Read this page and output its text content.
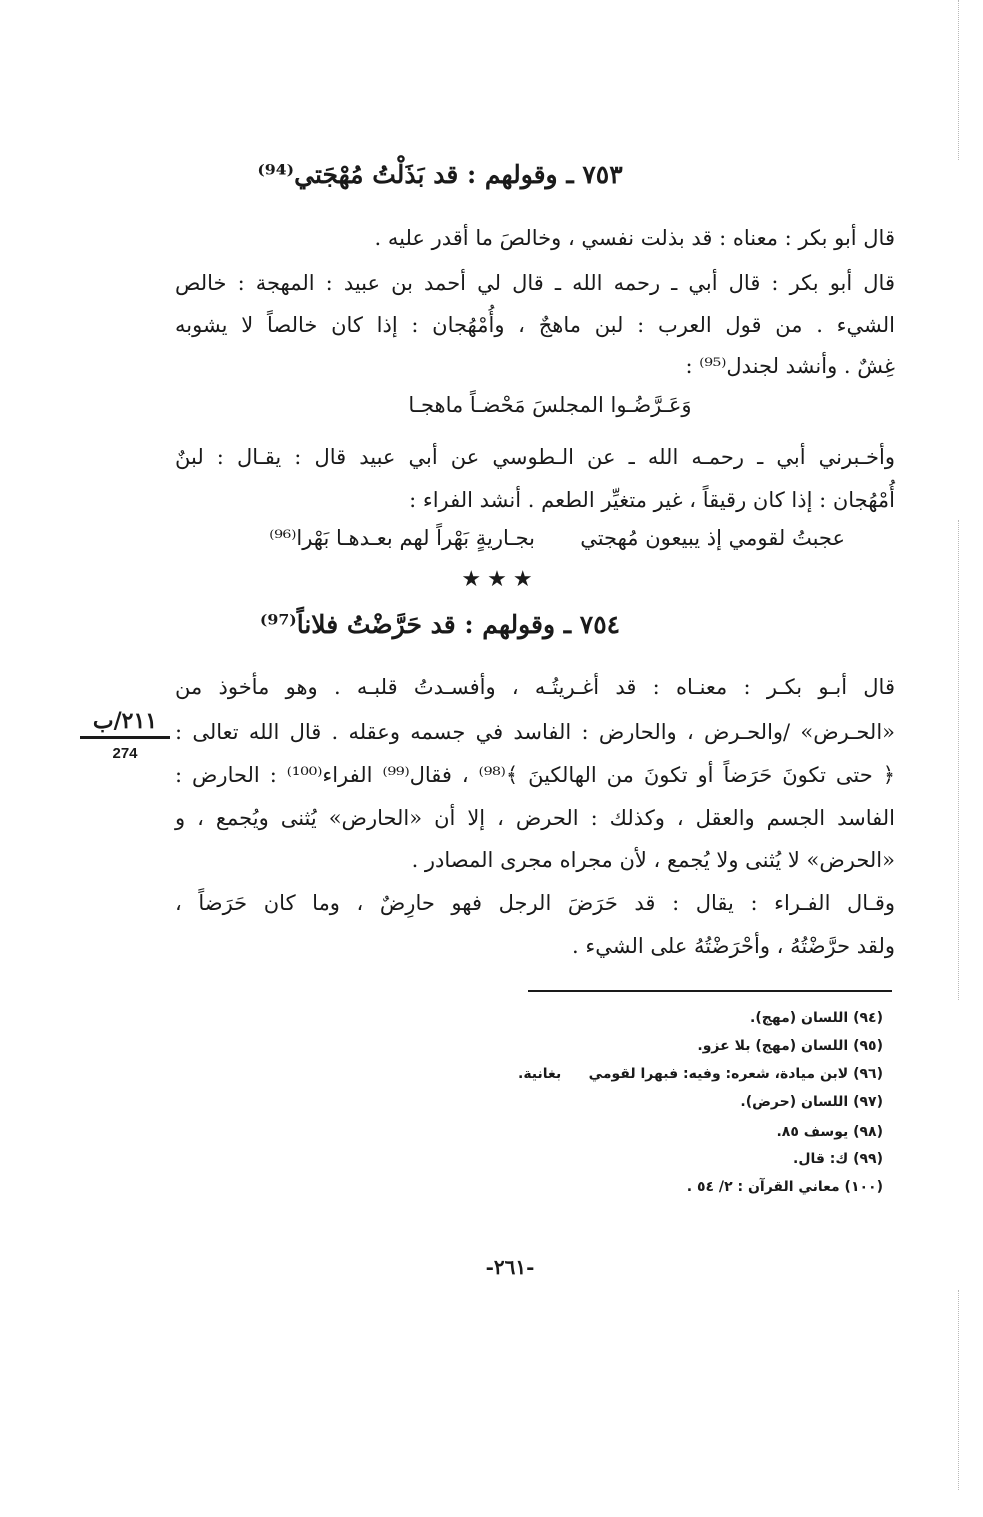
٧٥٣ ـ وقولهم : قد بَذَلْتُ مُهْجَتي⁽⁹⁴⁾
قال أبو بكر : معناه : قد بذلت نفسي ، وخالصَ ما أقدر عليه .
قال أبو بكر : قال أبي ـ رحمه الله ـ قال لي أحمد بن عبيد : المهجة : خالص
الشيء . من قول العرب : لبن ماهجٌ ، وأُمْهُجان : إذا كان خالصاً لا يشوبه
غِشٌ . وأنشد لجندل⁽⁹⁵⁾ :
وَعَـرَّضُـوا المجلسَ مَحْضـاً ماهجـا
وأخـبرني أبي ـ رحمـه الله ـ عن الـطوسي عن أبي عبيد قال : يقـال : لبنٌ
أُمْهُجان : إذا كان رقيقاً ، غير متغيِّر الطعم . أنشد الفراء :
عجبتُ لقومي إذ يبيعون مُهجتي
بجـاريةٍ بَهْراً لهم بعـدهـا بَهْرا⁽⁹⁶⁾
★★★
٧٥٤ ـ وقولهم : قد حَرَّضْتُ فلاناً⁽⁹⁷⁾
قال أبـو بكـر : معنـاه : قد أغـريتُـه ، وأفسـدتُ قلبـه . وهو مأخوذ من
«الحـرض» /والحـرض ، والحارض : الفاسد في جسمه وعقله . قال الله تعالى :
﴿ حتى تكونَ حَرَضاً أو تكونَ من الهالكينَ ﴾⁽⁹⁸⁾ ، فقال⁽⁹⁹⁾ الفراء⁽¹⁰⁰⁾ : الحارض :
الفاسد الجسم والعقل ، وكذلك : الحرض ، إلا أن «الحارض» يُثنى ويُجمع ، و
«الحرض» لا يُثنى ولا يُجمع ، لأن مجراه مجرى المصادر .
وقـال الفـراء : يقال : قد حَرَضَ الرجل فهو حارِضٌ ، وما كان حَرَضاً ،
ولقد حرَّضْتُهُ ، وأحْرَضْتُهُ على الشيء .
٢١١/ب
274
(٩٤) اللسان (مهج).
(٩٥) اللسان (مهج) بلا عزو.
(٩٦) لابن ميادة، شعره: وفيه: فبهرا لقومي
بغانية.
(٩٧) اللسان (حرض).
(٩٨) يوسف ٨٥.
(٩٩) ك: قال.
(١٠٠) معاني القرآن : ٢/ ٥٤ .
-٢٦١-
